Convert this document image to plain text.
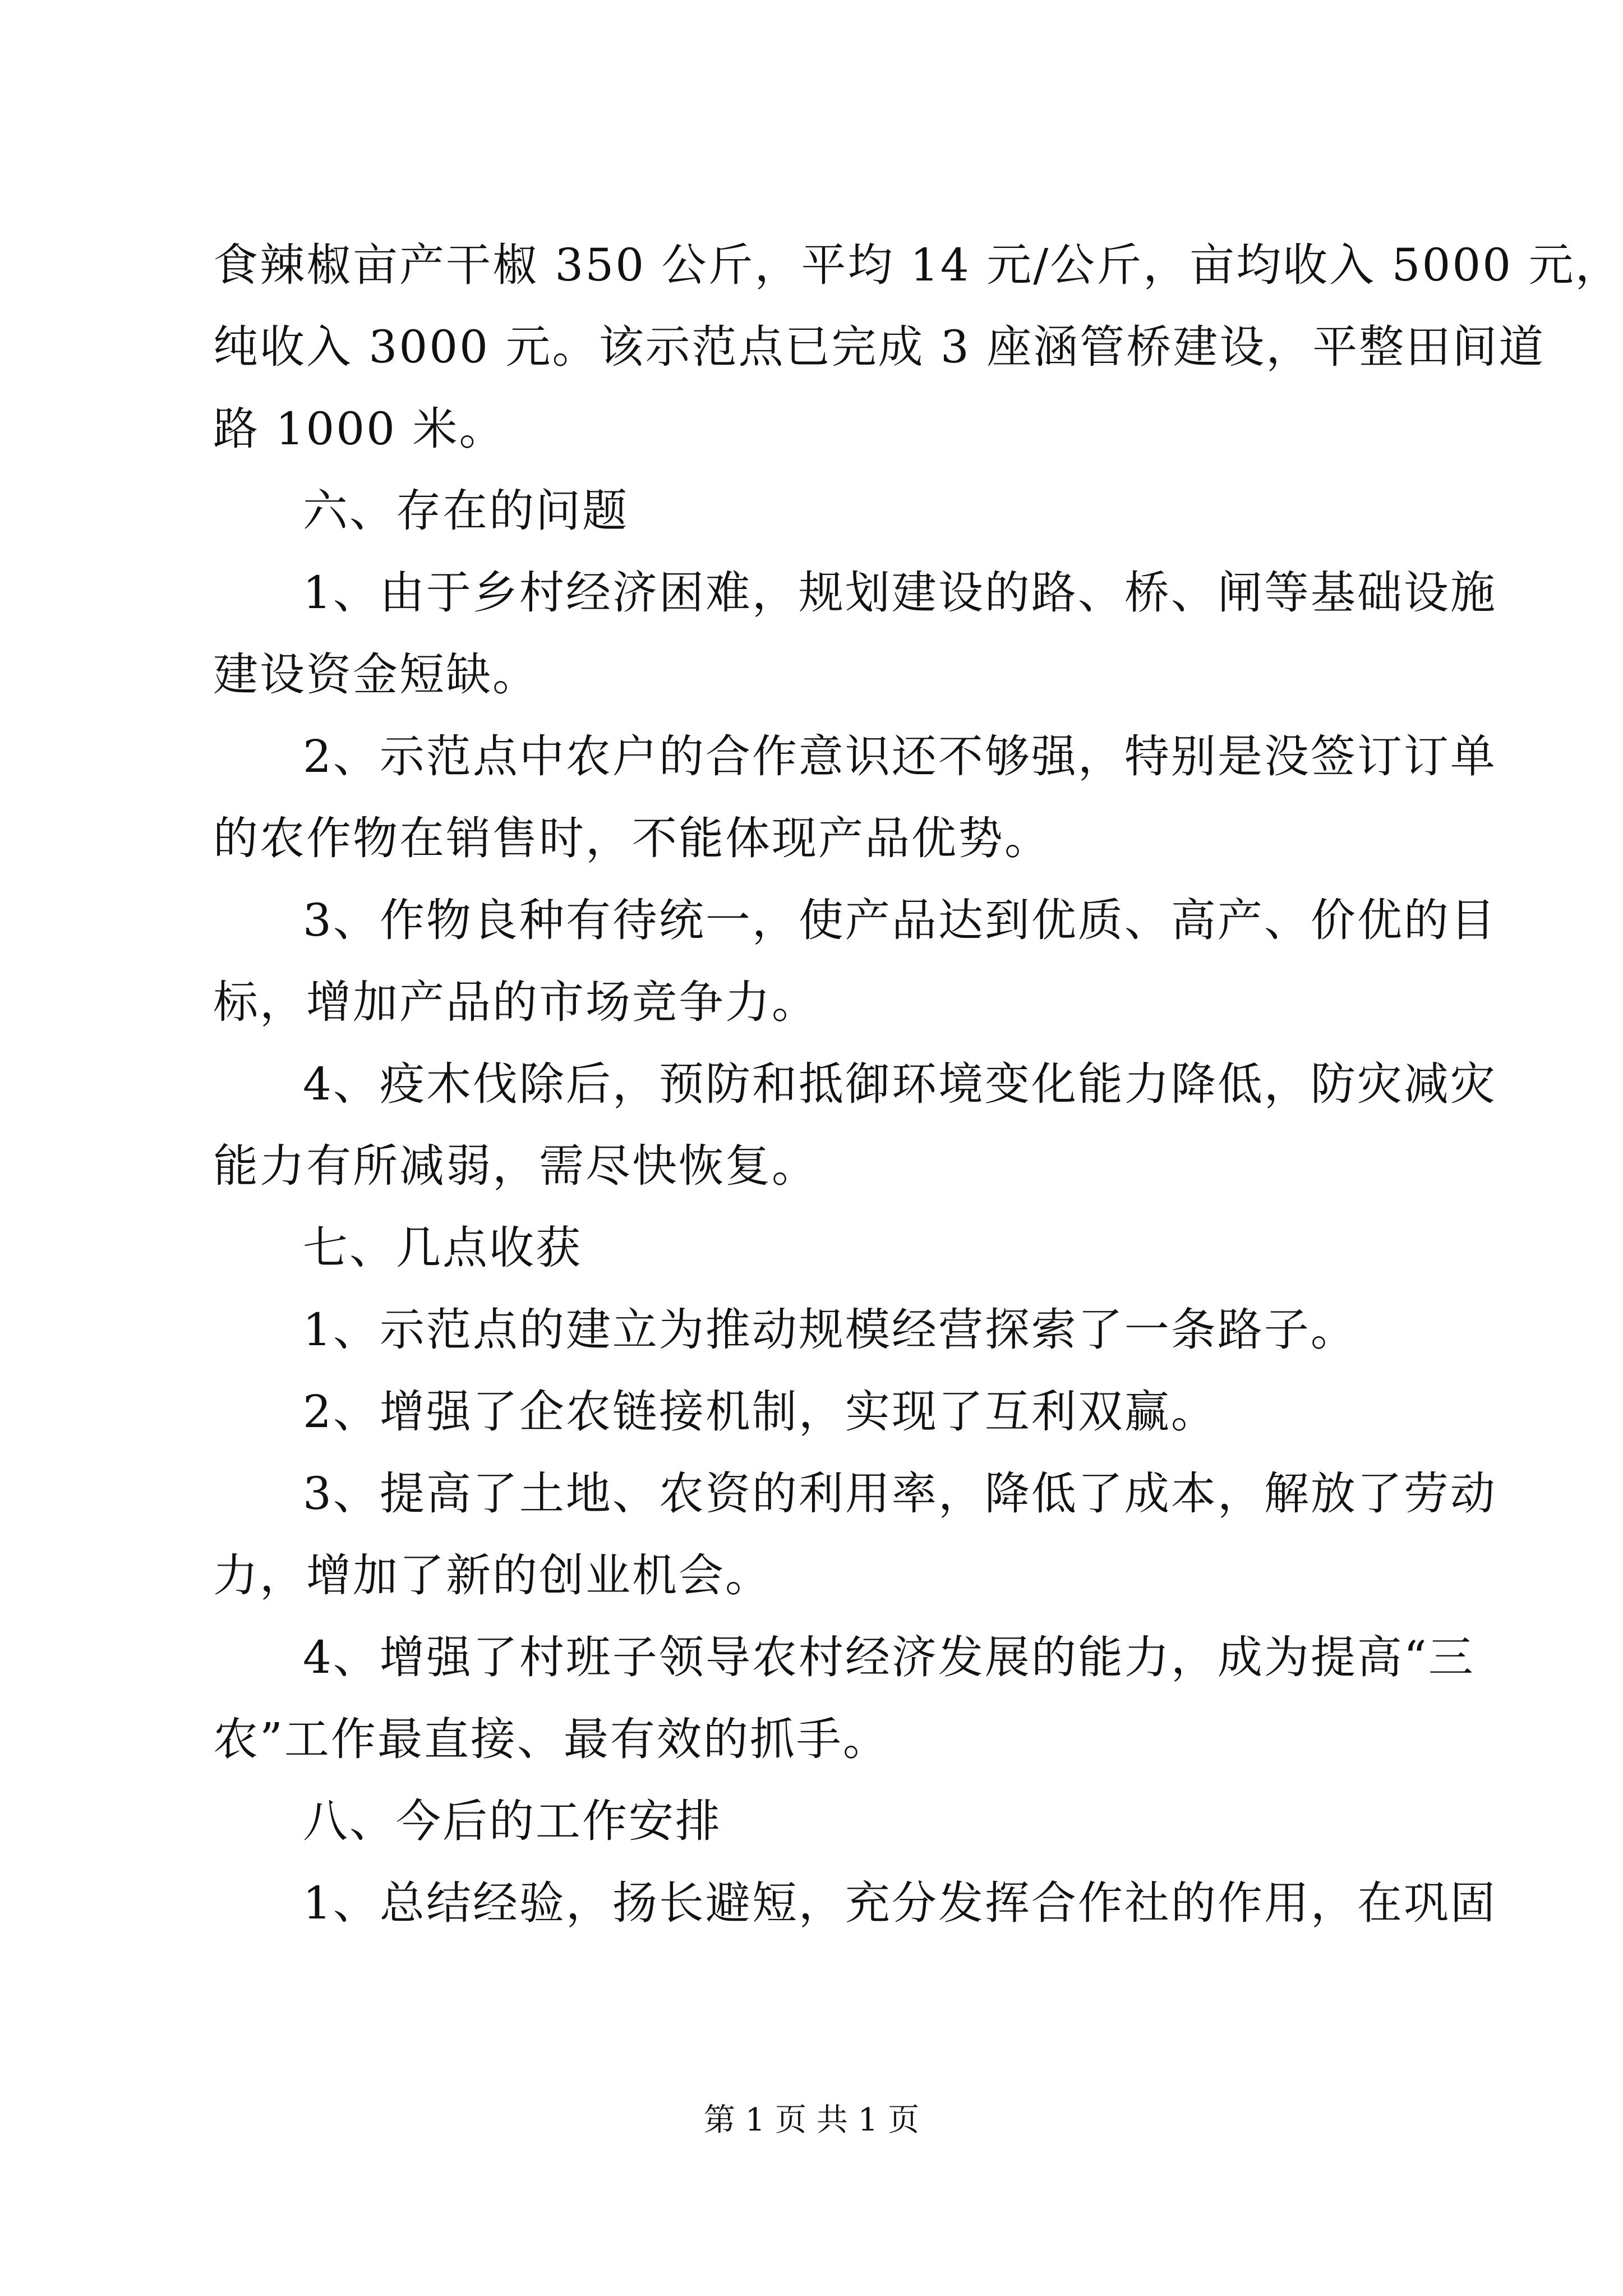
食辣椒亩产干椒 350 公斤，平均 14 元/公斤，亩均收入 5000 元，
纯收入 3000 元。该示范点已完成 3 座涵管桥建设，平整田间道
路 1000 米。
六、存在的问题
1、由于乡村经济困难，规划建设的路、桥、闸等基础设施
建设资金短缺。
2、示范点中农户的合作意识还不够强，特别是没签订订单
的农作物在销售时，不能体现产品优势。
3、作物良种有待统一，使产品达到优质、高产、价优的目
标，增加产品的市场竞争力。
4、疫木伐除后，预防和抵御环境变化能力降低，防灾减灾
能力有所减弱，需尽快恢复。
七、几点收获
1、示范点的建立为推动规模经营探索了一条路子。
2、增强了企农链接机制，实现了互利双赢。
3、提高了土地、农资的利用率，降低了成本，解放了劳动
力，增加了新的创业机会。
4、增强了村班子领导农村经济发展的能力，成为提高“三
农”工作最直接、最有效的抓手。
八、今后的工作安排
1、总结经验，扬长避短，充分发挥合作社的作用，在巩固
第 1 页 共 1 页
